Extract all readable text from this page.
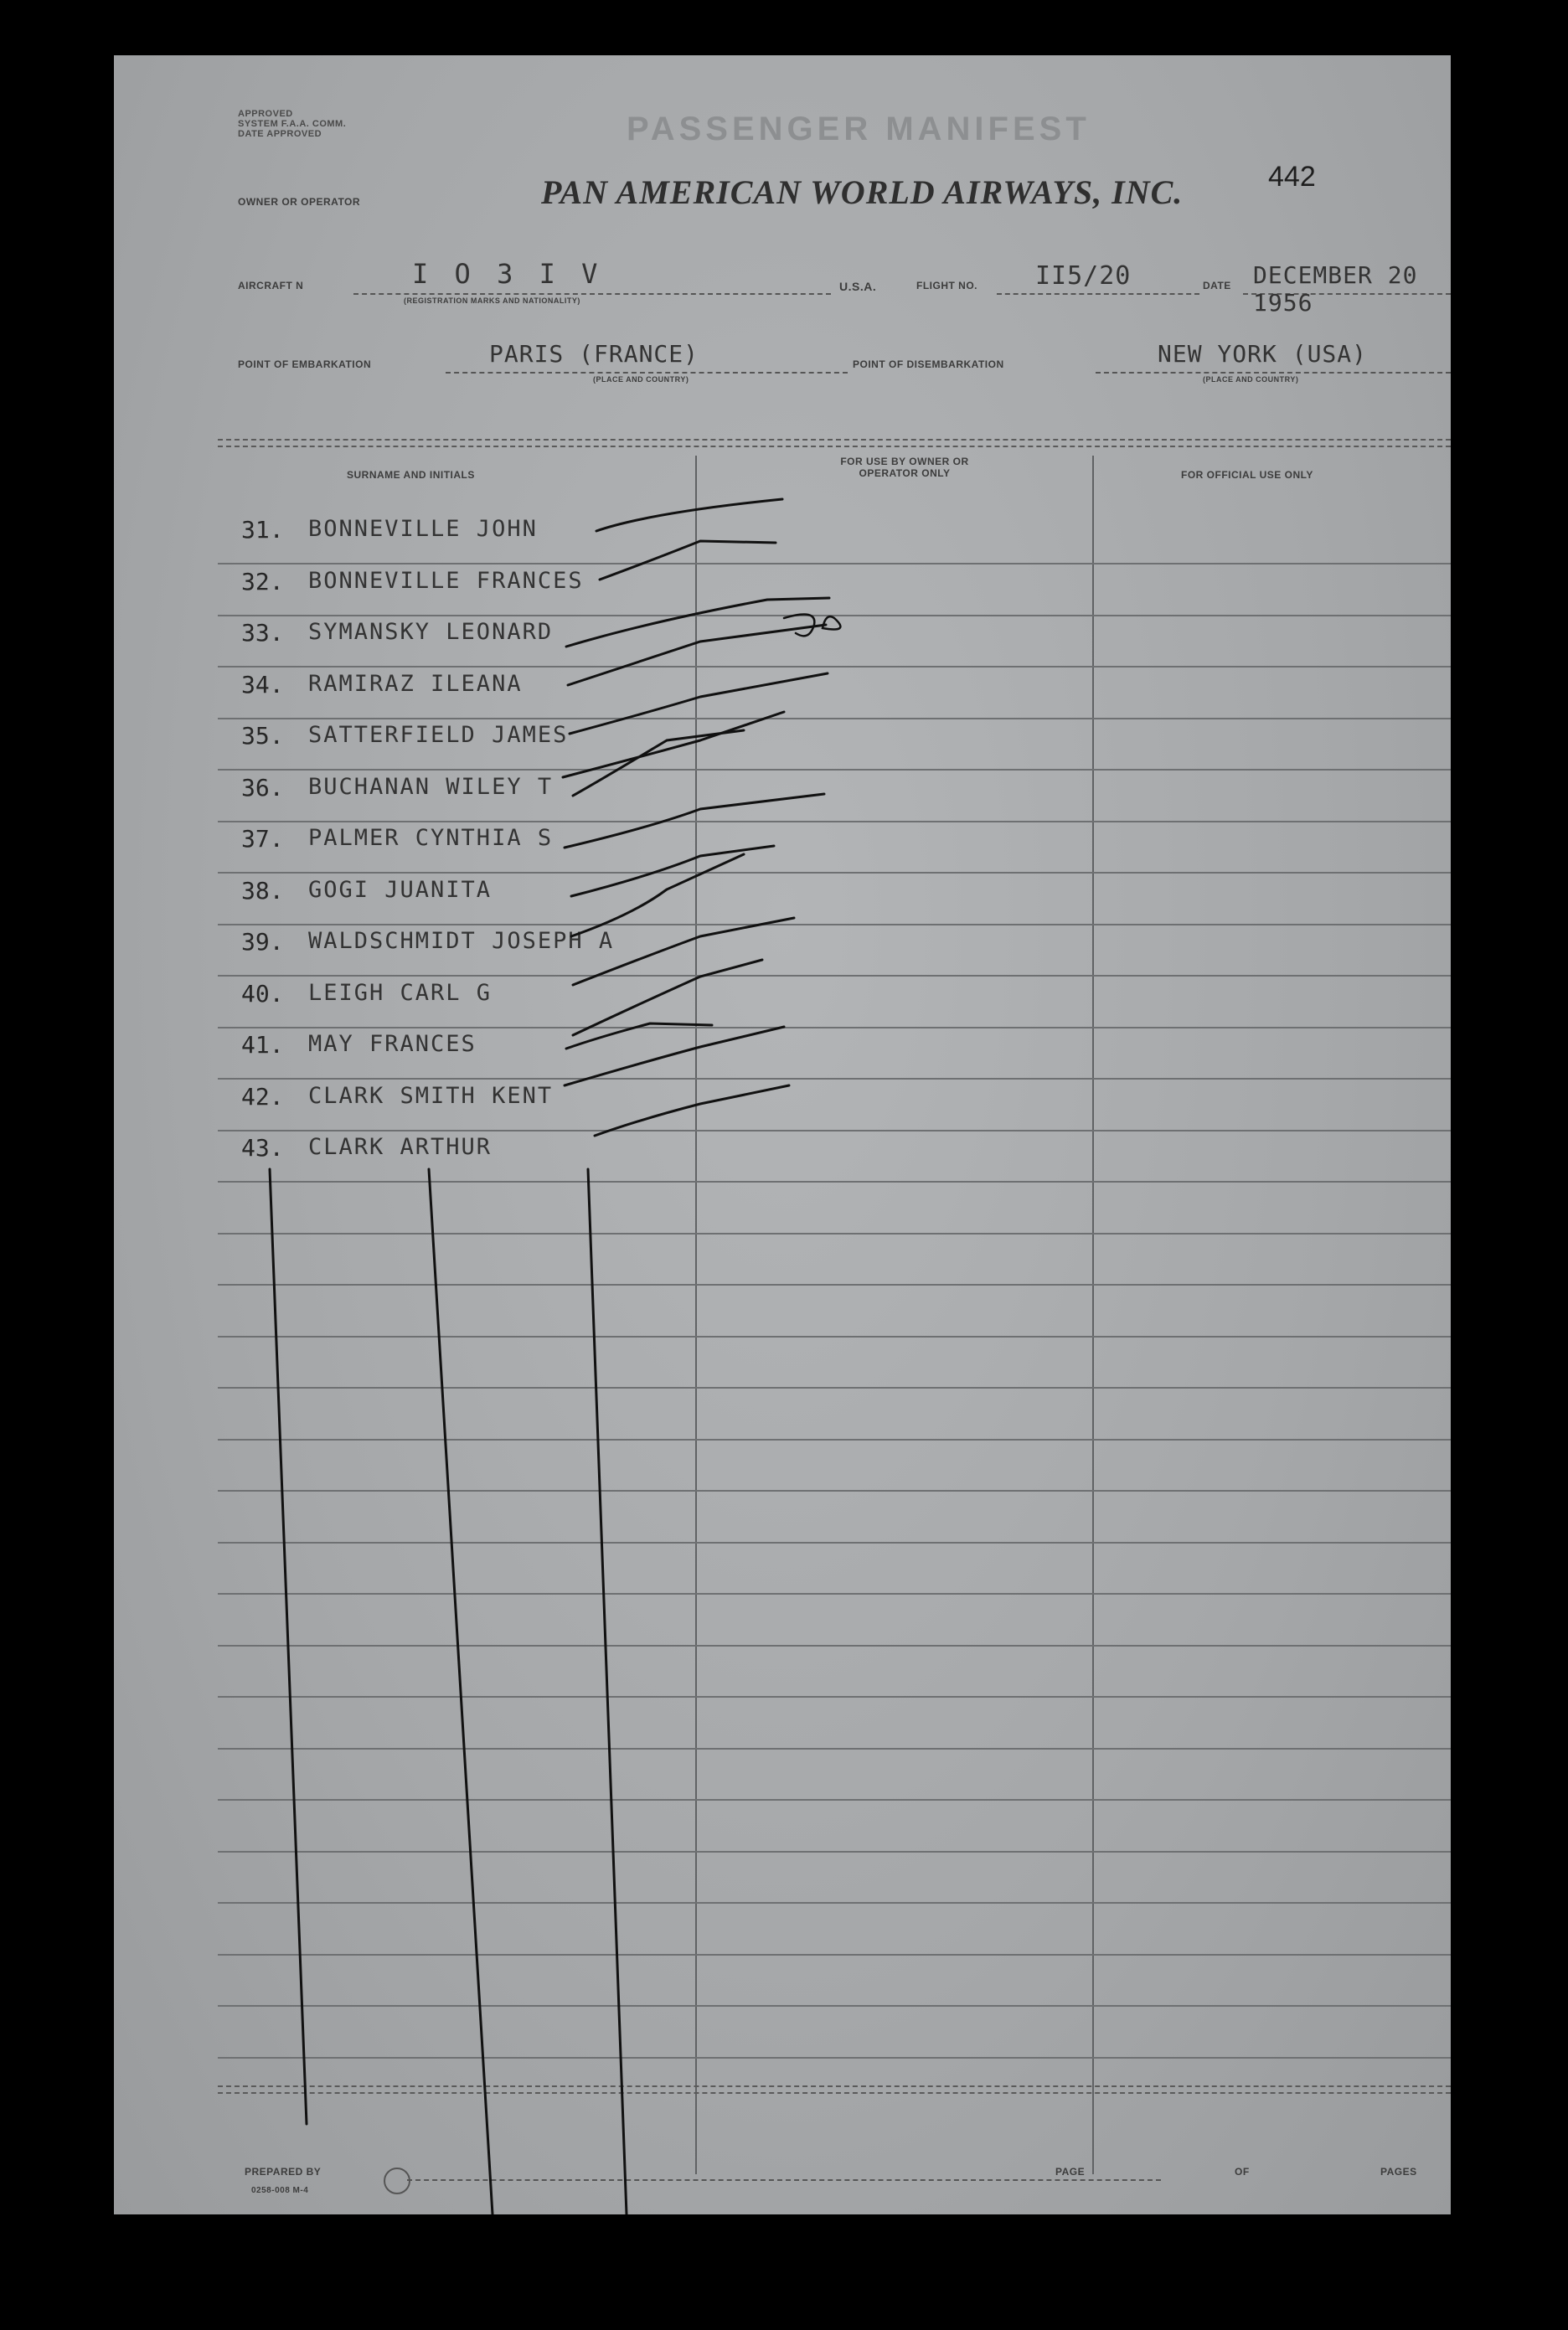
APPROVED
SYSTEM F.A.A. COMM.
DATE APPROVED	PASSENGER MANIFEST
OWNER OR OPERATOR	PAN AMERICAN WORLD AIRWAYS, INC.	442
AIRCRAFT N	I O 3 I V
(REGISTRATION MARKS AND NATIONALITY)
U.S.A.	FLIGHT NO. II5/20	DATE DECEMBER 20 1956
POINT OF EMBARKATION	PARIS (FRANCE)
(PLACE AND COUNTRY)
POINT OF DISEMBARKATION	NEW YORK (USA)
(PLACE AND COUNTRY)
SURNAME AND INITIALS
FOR USE BY OWNER OR OPERATOR ONLY	FOR OFFICIAL USE ONLY
31. BONNEVILLE JOHN
32. BONNEVILLE FRANCES
33. SYMANSKY LEONARD
34. RAMIRAZ ILEANA
35. SATTERFIELD JAMES
36. BUCHANAN WILEY T
37. PALMER CYNTHIA S
38. GOGI JUANITA
39. WALDSCHMIDT JOSEPH A
40. LEIGH CARL G
41. MAY FRANCES
42. CLARK SMITH KENT
43. CLARK ARTHUR
PREPARED BY
0258-008 M-4
PAGE	OF	PAGES
